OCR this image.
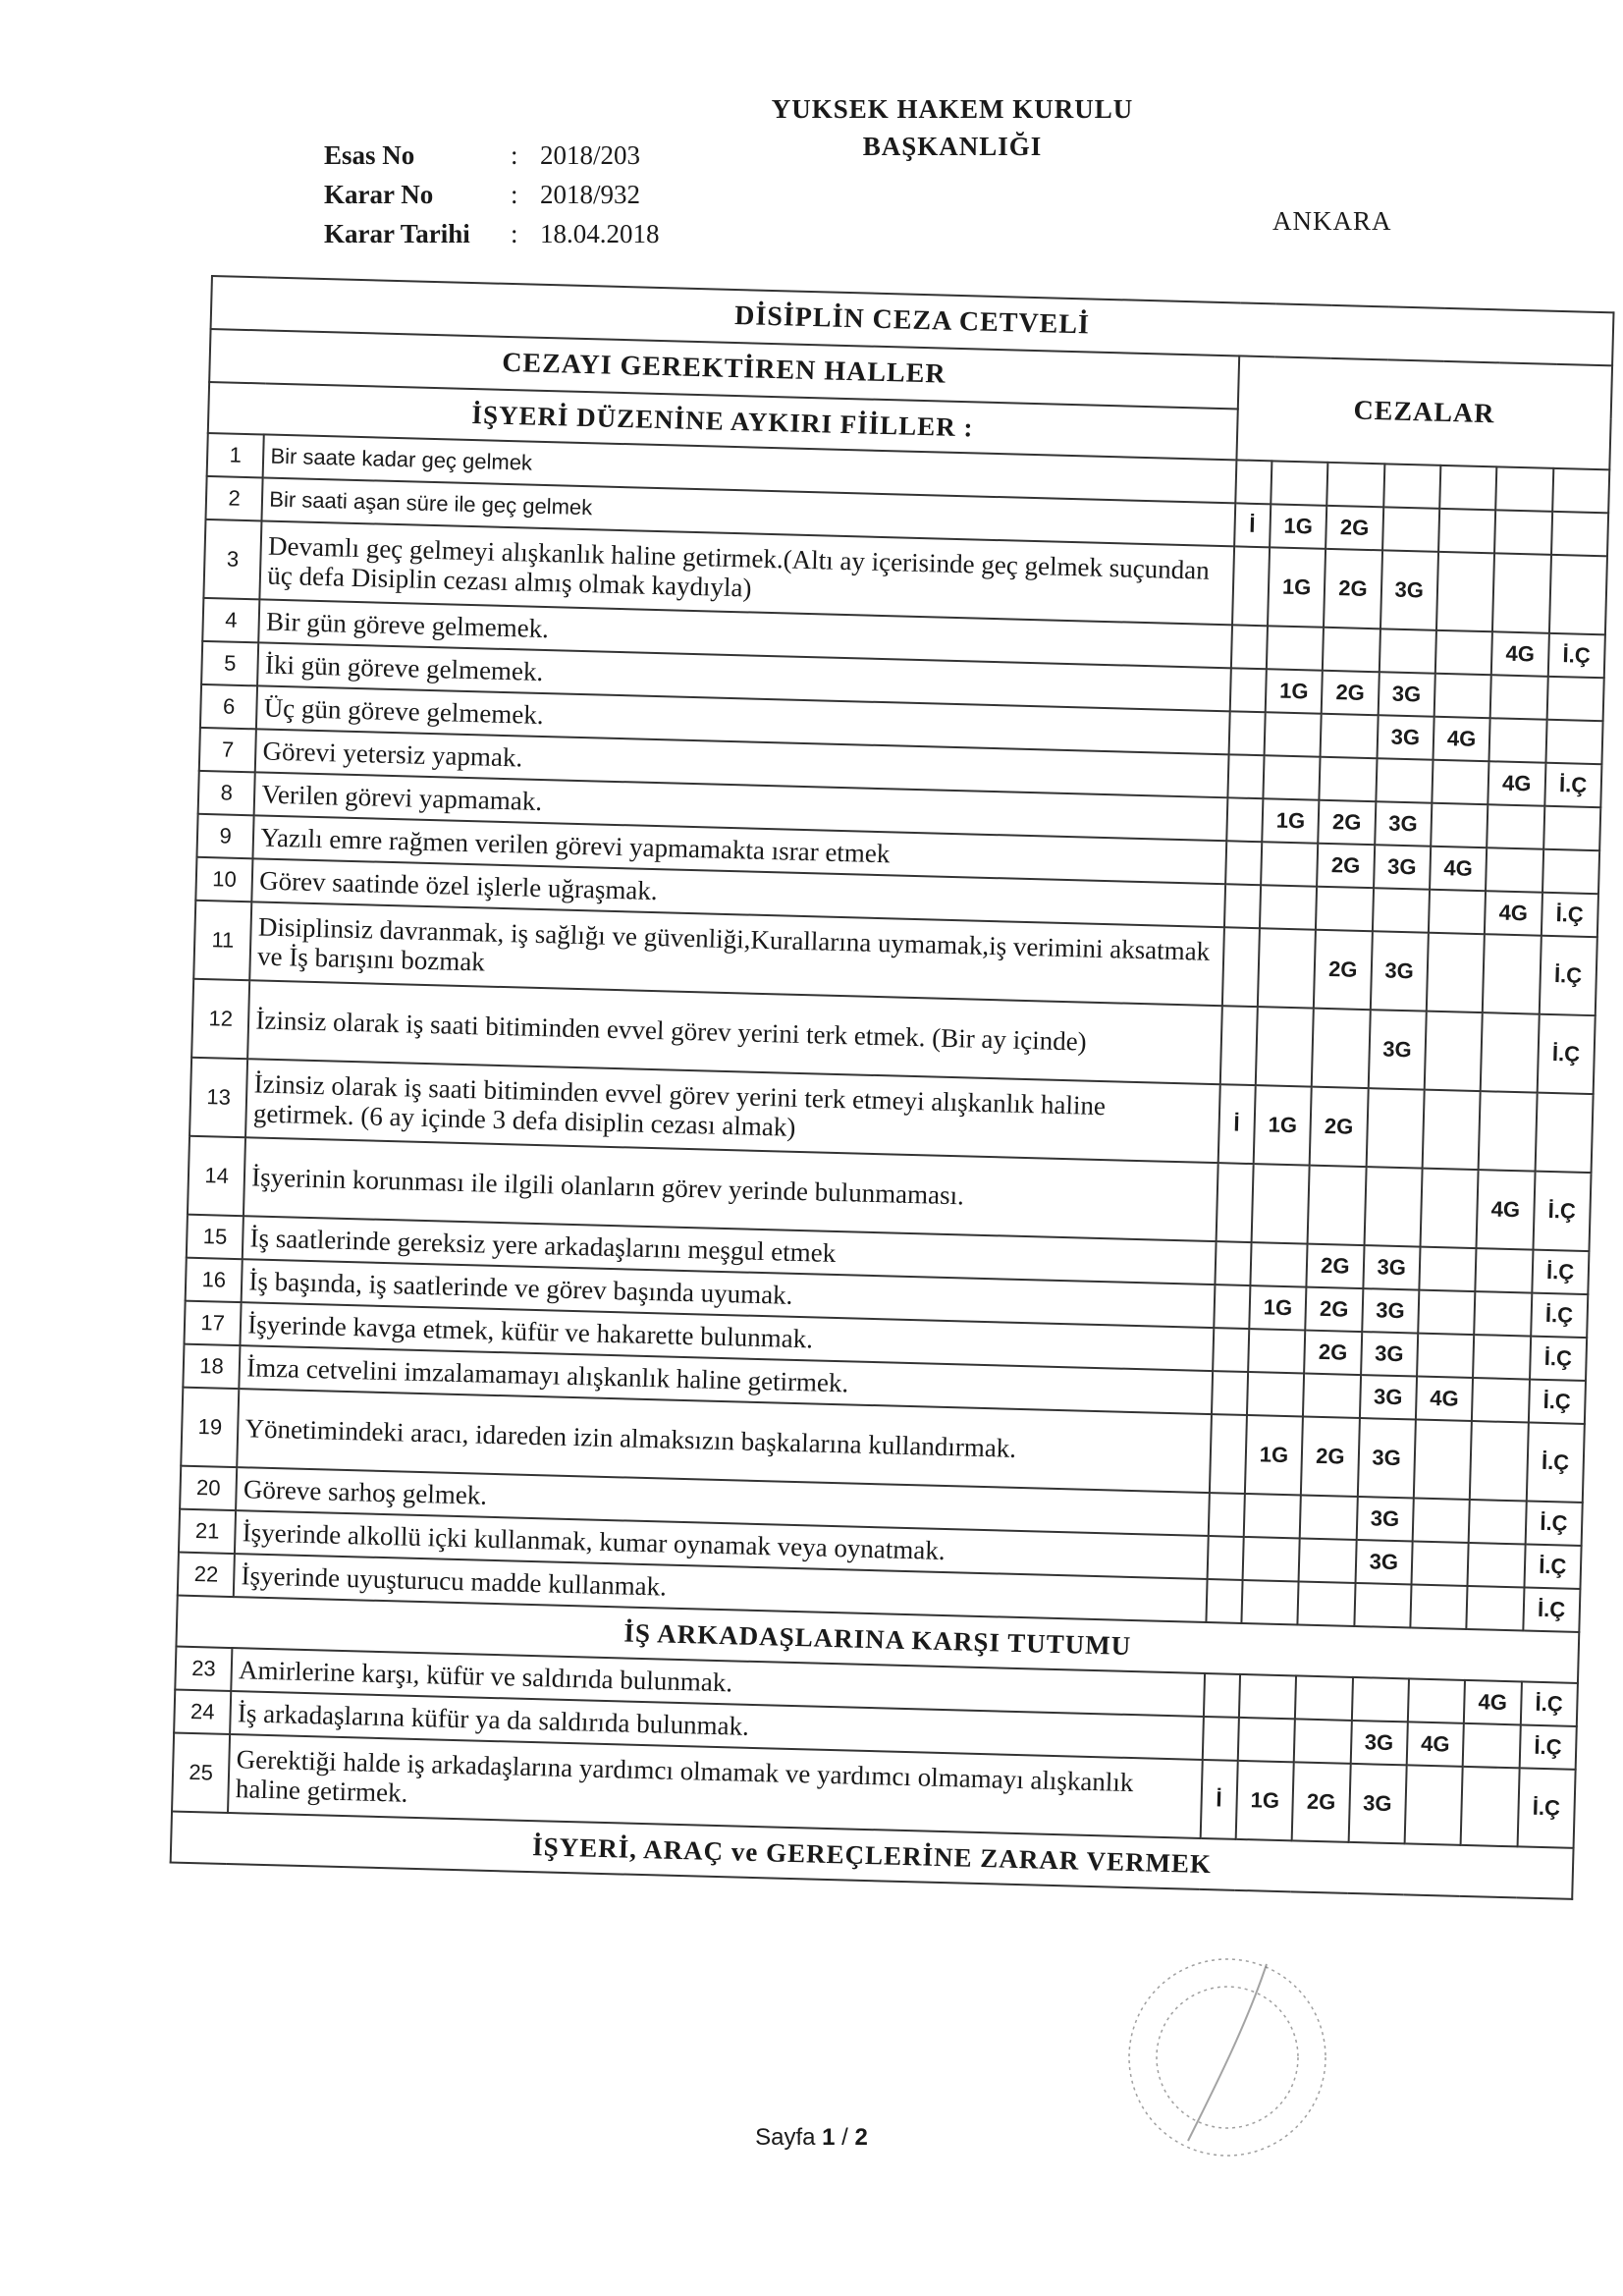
Esas No	: 2018/203
Karar No	: 2018/932
Karar Tarihi	: 18.04.2018
YUKSEK HAKEM KURULU
BAŞKANLIĞI
ANKARA
DİSİPLİN CEZA CETVELİ								
CEZAYI GEREKTİREN HALLER		CEZALAR						
İŞYERİ DÜZENİNE AYKIRI FİİLLER :								
1	Bir saate kadar geç gelmek							
2	Bir saati aşan süre ile geç gelmek	İ	1G	2G				
3	Devamlı geç gelmeyi alışkanlık haline getirmek.(Altı ay içerisinde geç gelmek suçundan üç defa Disiplin cezası almış olmak kaydıyla)		1G	2G	3G			
4	Bir gün göreve gelmemek.						4G	İ.Ç
5	İki gün göreve gelmemek.		1G	2G	3G			
6	Üç gün göreve gelmemek.				3G	4G		
7	Görevi yetersiz yapmak.						4G	İ.Ç
8	Verilen görevi yapmamak.		1G	2G	3G			
9	Yazılı emre rağmen verilen görevi yapmamakta ısrar etmek			2G	3G	4G		
10	Görev saatinde özel işlerle uğraşmak.						4G	İ.Ç
11	Disiplinsiz davranmak, iş sağlığı ve güvenliği,Kurallarına uymamak,iş verimini aksatmak ve İş barışını bozmak			2G	3G			İ.Ç
12	İzinsiz olarak iş saati bitiminden evvel görev yerini terk etmek. (Bir ay içinde)				3G			İ.Ç
13	İzinsiz olarak iş saati bitiminden evvel görev yerini terk etmeyi alışkanlık haline getirmek. (6 ay içinde 3 defa disiplin cezası almak)	İ	1G	2G				
14	İşyerinin korunması ile ilgili olanların görev yerinde bulunmaması.						4G	İ.Ç
15	İş saatlerinde gereksiz yere arkadaşlarını meşgul etmek			2G	3G			İ.Ç
16	İş başında, iş saatlerinde ve görev başında uyumak.		1G	2G	3G			İ.Ç
17	İşyerinde kavga etmek, küfür ve hakarette bulunmak.			2G	3G			İ.Ç
18	İmza cetvelini imzalamamayı alışkanlık haline getirmek.				3G	4G		İ.Ç
19	Yönetimindeki aracı, idareden izin almaksızın başkalarına kullandırmak.		1G	2G	3G			İ.Ç
20	Göreve sarhoş gelmek.				3G			İ.Ç
21	İşyerinde alkollü içki kullanmak, kumar oynamak veya oynatmak.				3G			İ.Ç
22	İşyerinde uyuşturucu madde kullanmak.							İ.Ç
İŞ ARKADAŞLARINA KARŞI TUTUMU								
23	Amirlerine karşı, küfür ve saldırıda bulunmak.						4G	İ.Ç
24	İş arkadaşlarına küfür ya da saldırıda bulunmak.				3G	4G		İ.Ç
25	Gerektiği halde iş arkadaşlarına yardımcı olmamak ve yardımcı olmamayı alışkanlık haline getirmek.	İ	1G	2G	3G			İ.Ç
İŞYERİ, ARAÇ ve GEREÇLERİNE ZARAR VERMEK								
Sayfa 1 / 2
